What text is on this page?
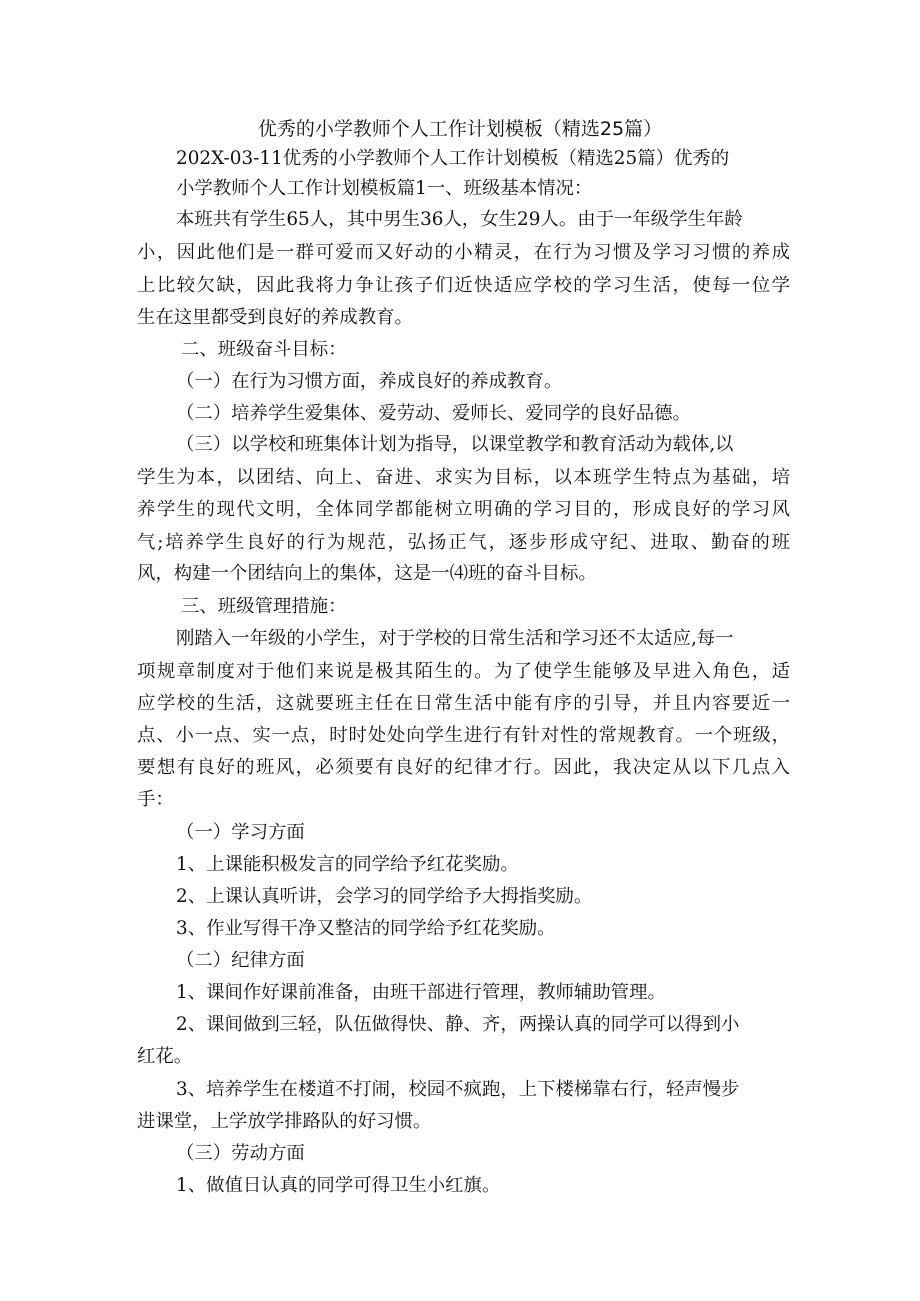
优秀的小学教师个人工作计划模板（精选25篇）
202X-03-11优秀的小学教师个人工作计划模板（精选25篇）优秀的
小学教师个人工作计划模板篇1一、班级基本情况：
本班共有学生65人，其中男生36人，女生29人。由于一年级学生年龄
小，因此他们是一群可爱而又好动的小精灵，在行为习惯及学习习惯的养成
上比较欠缺，因此我将力争让孩子们近快适应学校的学习生活，使每一位学
生在这里都受到良好的养成教育。
二、班级奋斗目标：
（一）在行为习惯方面，养成良好的养成教育。
（二）培养学生爱集体、爱劳动、爱师长、爱同学的良好品德。
（三）以学校和班集体计划为指导，以课堂教学和教育活动为载体,以
学生为本，以团结、向上、奋进、求实为目标，以本班学生特点为基础，培
养学生的现代文明，全体同学都能树立明确的学习目的，形成良好的学习风
气;培养学生良好的行为规范，弘扬正气，逐步形成守纪、进取、勤奋的班
风，构建一个团结向上的集体，这是一⑷班的奋斗目标。
三、班级管理措施：
刚踏入一年级的小学生，对于学校的日常生活和学习还不太适应,每一
项规章制度对于他们来说是极其陌生的。为了使学生能够及早进入角色，适
应学校的生活，这就要班主任在日常生活中能有序的引导，并且内容要近一
点、小一点、实一点，时时处处向学生进行有针对性的常规教育。一个班级，
要想有良好的班风，必须要有良好的纪律才行。因此，我决定从以下几点入
手：
（一）学习方面
1、上课能积极发言的同学给予红花奖励。
2、上课认真听讲，会学习的同学给予大拇指奖励。
3、作业写得干净又整洁的同学给予红花奖励。
（二）纪律方面
1、课间作好课前准备，由班干部进行管理，教师辅助管理。
2、课间做到三轻，队伍做得快、静、齐，两操认真的同学可以得到小
红花。
3、培养学生在楼道不打闹，校园不疯跑，上下楼梯靠右行，轻声慢步
进课堂，上学放学排路队的好习惯。
（三）劳动方面
1、做值日认真的同学可得卫生小红旗。
